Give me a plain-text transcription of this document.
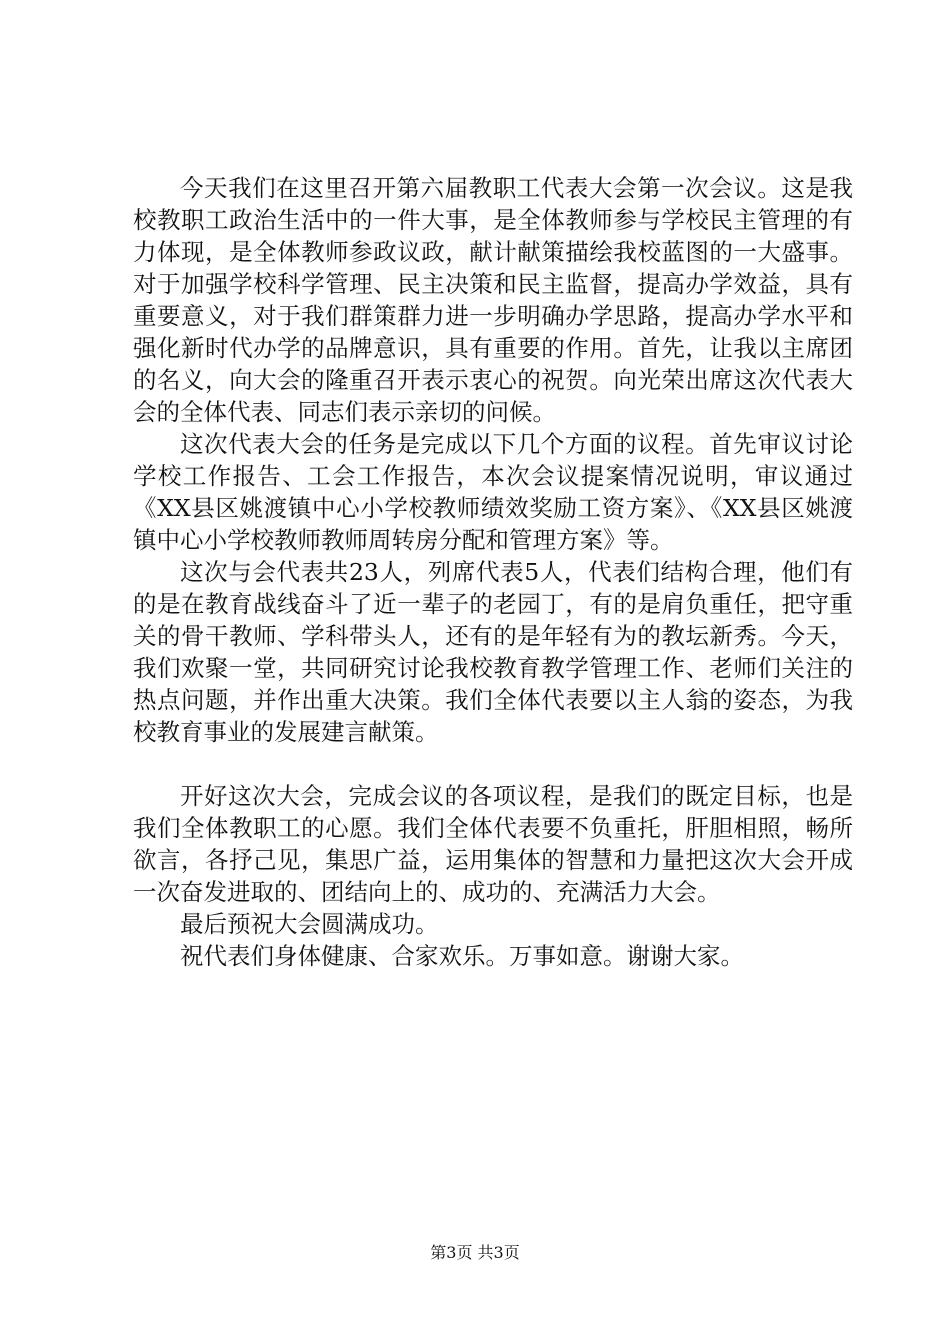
今天我们在这里召开第六届教职工代表大会第一次会议。这是我校教职工政治生活中的一件大事，是全体教师参与学校民主管理的有力体现，是全体教师参政议政，献计献策描绘我校蓝图的一大盛事。对于加强学校科学管理、民主决策和民主监督，提高办学效益，具有重要意义，对于我们群策群力进一步明确办学思路，提高办学水平和强化新时代办学的品牌意识，具有重要的作用。首先，让我以主席团的名义，向大会的隆重召开表示衷心的祝贺。向光荣出席这次代表大会的全体代表、同志们表示亲切的问候。

这次代表大会的任务是完成以下几个方面的议程。首先审议讨论学校工作报告、工会工作报告，本次会议提案情况说明，审议通过《XX县区姚渡镇中心小学校教师绩效奖励工资方案》、《XX县区姚渡镇中心小学校教师教师周转房分配和管理方案》等。

这次与会代表共23人，列席代表5人，代表们结构合理，他们有的是在教育战线奋斗了近一辈子的老园丁，有的是肩负重任，把守重关的骨干教师、学科带头人，还有的是年轻有为的教坛新秀。今天，我们欢聚一堂，共同研究讨论我校教育教学管理工作、老师们关注的热点问题，并作出重大决策。我们全体代表要以主人翁的姿态，为我校教育事业的发展建言献策。

开好这次大会，完成会议的各项议程，是我们的既定目标，也是我们全体教职工的心愿。我们全体代表要不负重托，肝胆相照，畅所欲言，各抒己见，集思广益，运用集体的智慧和力量把这次大会开成一次奋发进取的、团结向上的、成功的、充满活力大会。

最后预祝大会圆满成功。

祝代表们身体健康、合家欢乐。万事如意。谢谢大家。

第3页 共3页
